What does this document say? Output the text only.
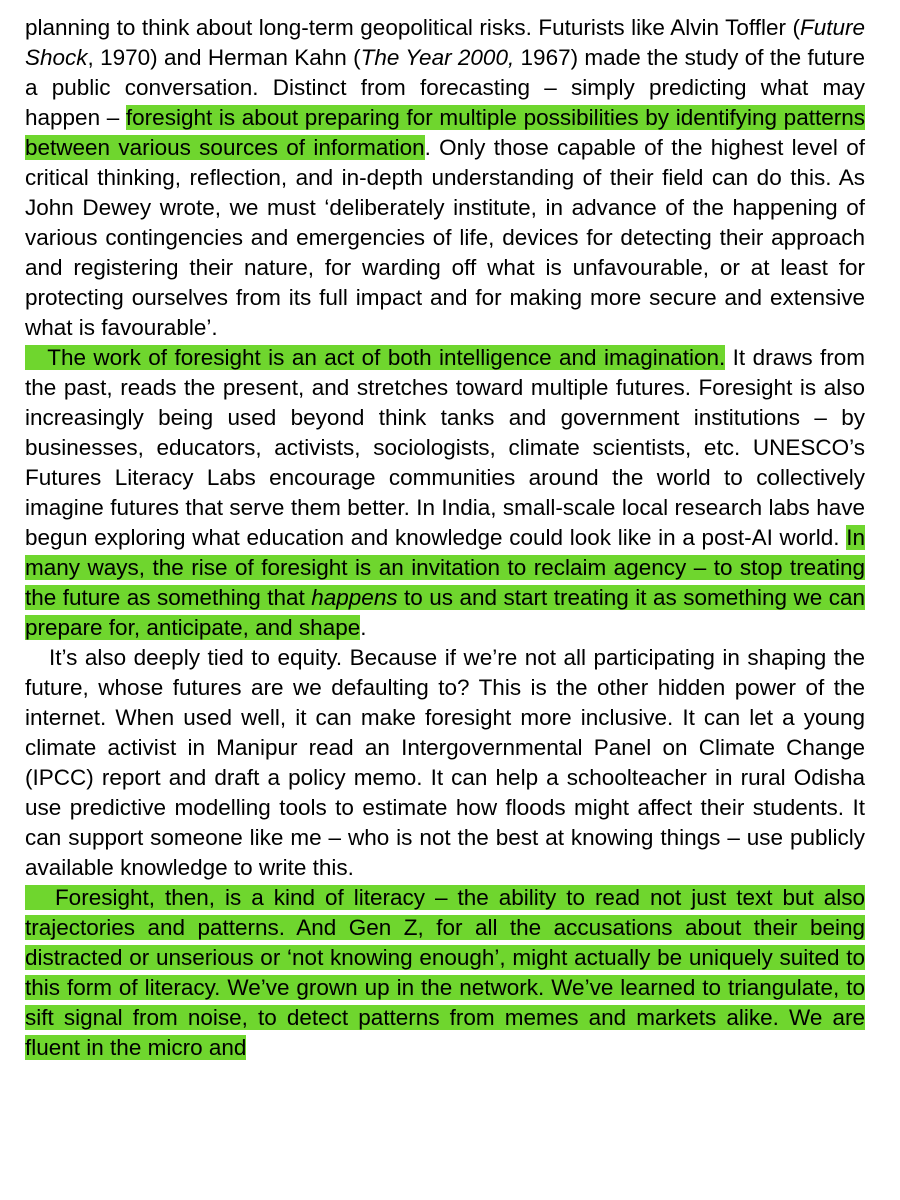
planning to think about long-term geopolitical risks. Futurists like Alvin Toffler (Future Shock, 1970) and Herman Kahn (The Year 2000, 1967) made the study of the future a public conversation. Distinct from forecasting – simply predicting what may happen – foresight is about preparing for multiple possibilities by identifying patterns between various sources of information. Only those capable of the highest level of critical thinking, reflection, and in-depth understanding of their field can do this. As John Dewey wrote, we must ‘deliberately institute, in advance of the happening of various contingencies and emergencies of life, devices for detecting their approach and registering their nature, for warding off what is unfavourable, or at least for protecting ourselves from its full impact and for making more secure and extensive what is favourable’.

The work of foresight is an act of both intelligence and imagination. It draws from the past, reads the present, and stretches toward multiple futures. Foresight is also increasingly being used beyond think tanks and government institutions – by businesses, educators, activists, sociologists, climate scientists, etc. UNESCO’s Futures Literacy Labs encourage communities around the world to collectively imagine futures that serve them better. In India, small-scale local research labs have begun exploring what education and knowledge could look like in a post-AI world. In many ways, the rise of foresight is an invitation to reclaim agency – to stop treating the future as something that happens to us and start treating it as something we can prepare for, anticipate, and shape.

It’s also deeply tied to equity. Because if we’re not all participating in shaping the future, whose futures are we defaulting to? This is the other hidden power of the internet. When used well, it can make foresight more inclusive. It can let a young climate activist in Manipur read an Intergovernmental Panel on Climate Change (IPCC) report and draft a policy memo. It can help a schoolteacher in rural Odisha use predictive modelling tools to estimate how floods might affect their students. It can support someone like me – who is not the best at knowing things – use publicly available knowledge to write this.

Foresight, then, is a kind of literacy – the ability to read not just text but also trajectories and patterns. And Gen Z, for all the accusations about their being distracted or unserious or ‘not knowing enough’, might actually be uniquely suited to this form of literacy. We’ve grown up in the network. We’ve learned to triangulate, to sift signal from noise, to detect patterns from memes and markets alike. We are fluent in the micro and
